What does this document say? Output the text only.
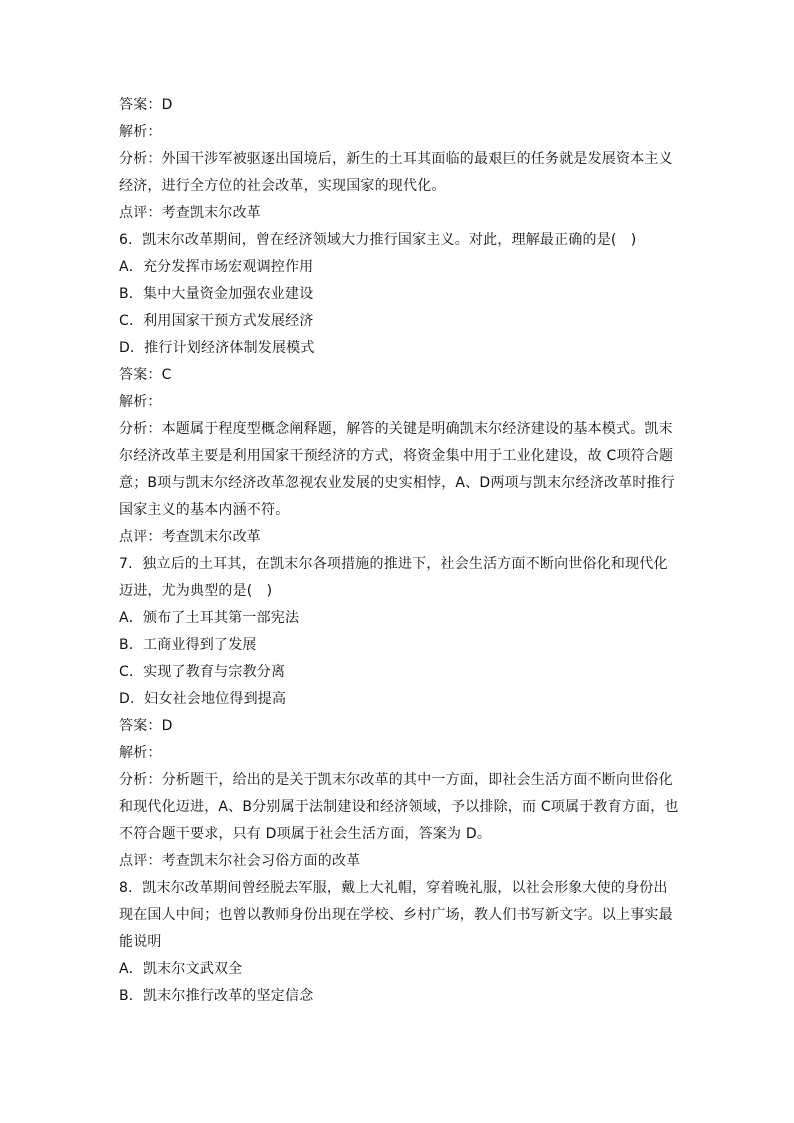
答案：D

解析：

分析：外国干涉军被驱逐出国境后，新生的土耳其面临的最艰巨的任务就是发展资本主义经济，进行全方位的社会改革，实现国家的现代化。

点评：考查凯末尔改革

6．凯末尔改革期间，曾在经济领域大力推行国家主义。对此，理解最正确的是(　)

A．充分发挥市场宏观调控作用

B．集中大量资金加强农业建设

C．利用国家干预方式发展经济

D．推行计划经济体制发展模式

答案：C

解析：

分析：本题属于程度型概念阐释题，解答的关键是明确凯末尔经济建设的基本模式。凯末尔经济改革主要是利用国家干预经济的方式，将资金集中用于工业化建设，故 C项符合题意；B项与凯末尔经济改革忽视农业发展的史实相悖，A、D两项与凯末尔经济改革时推行国家主义的基本内涵不符。

点评：考查凯末尔改革

7．独立后的土耳其，在凯末尔各项措施的推进下，社会生活方面不断向世俗化和现代化迈进，尤为典型的是(　)

A．颁布了土耳其第一部宪法

B．工商业得到了发展

C．实现了教育与宗教分离

D．妇女社会地位得到提高

答案：D

解析：

分析：分析题干，给出的是关于凯末尔改革的其中一方面，即社会生活方面不断向世俗化和现代化迈进，A、B分别属于法制建设和经济领域，予以排除，而 C项属于教育方面，也不符合题干要求，只有 D项属于社会生活方面，答案为 D。

点评：考查凯末尔社会习俗方面的改革

8．凯末尔改革期间曾经脱去军服，戴上大礼帽，穿着晚礼服，以社会形象大使的身份出现在国人中间；也曾以教师身份出现在学校、乡村广场，教人们书写新文字。以上事实最能说明

A．凯末尔文武双全

B．凯末尔推行改革的坚定信念
